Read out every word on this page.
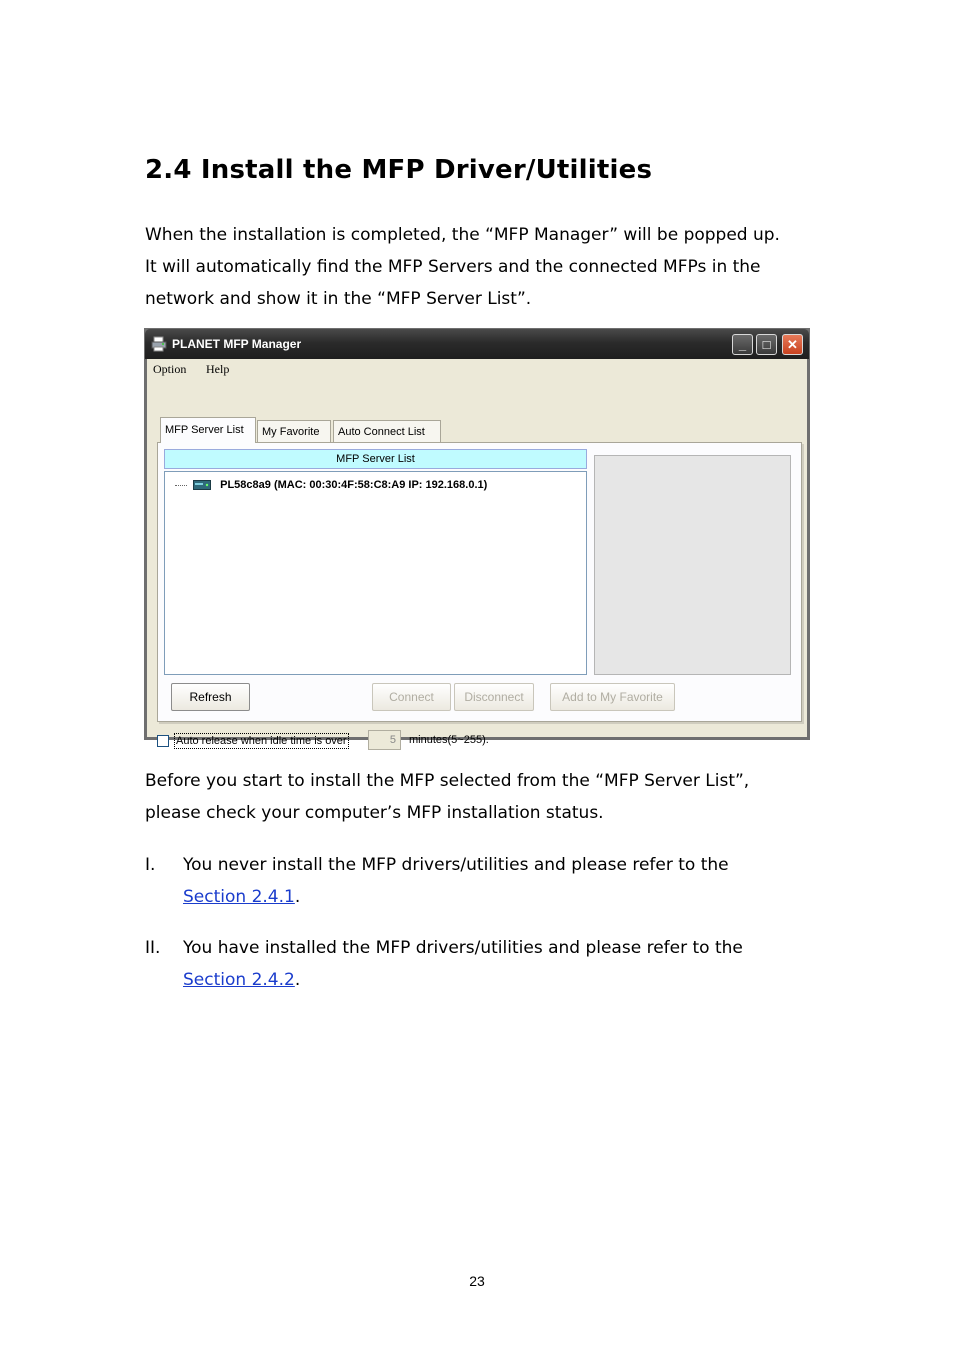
2.4 Install the MFP Driver/Utilities

When the installation is completed, the “MFP Manager” will be popped up.

It will automatically find the MFP Servers and the connected MFPs in the

network and show it in the “MFP Server List”.

PLANET MFP Manager	_	□	✕
Option Help
MFP Server List	My Favorite	Auto Connect List
MFP Server List
PL58c8a9 (MAC: 00:30:4F:58:C8:A9 IP: 192.168.0.1)
Refresh	Connect	Disconnect	Add to My Favorite
Auto release when idle time is over	5	minutes(5~255).

Before you start to install the MFP selected from the “MFP Server List”,

please check your computer’s MFP installation status.

I. You never install the MFP drivers/utilities and please refer to the
Section 2.4.1.
II. You have installed the MFP drivers/utilities and please refer to the
Section 2.4.2.
23
